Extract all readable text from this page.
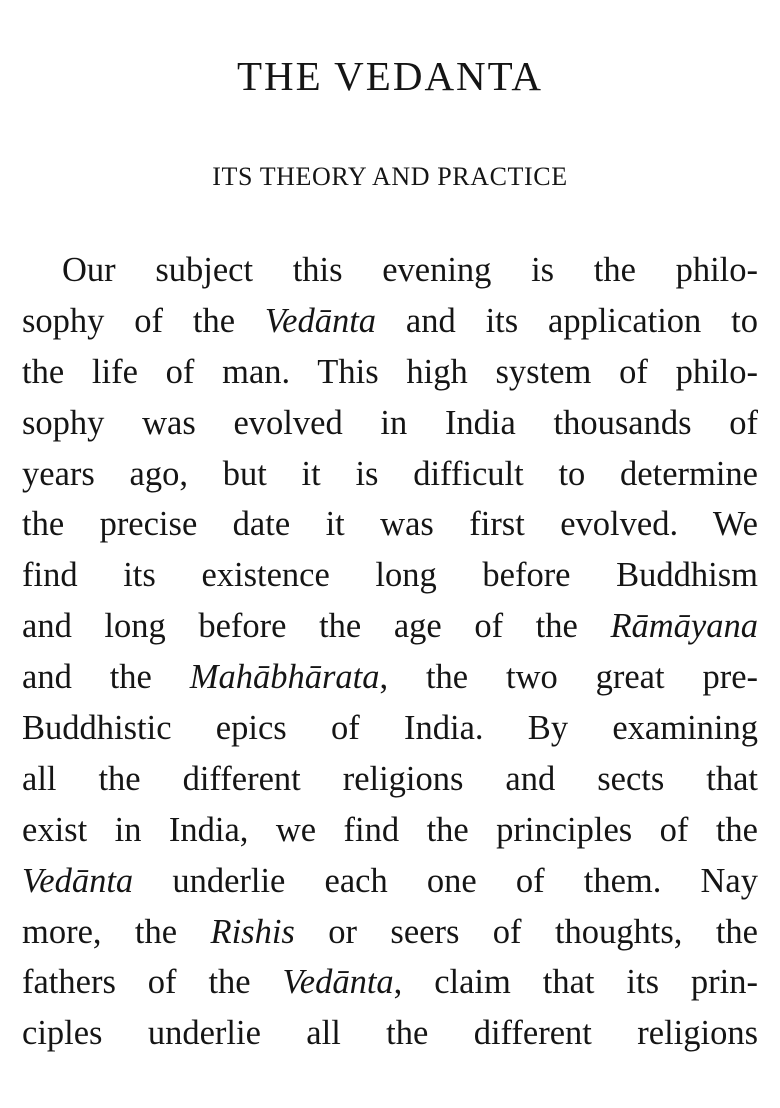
THE VEDANTA
ITS THEORY AND PRACTICE
Our subject this evening is the philo-
sophy of the Vedānta and its application to
the life of man. This high system of philo-
sophy was evolved in India thousands of
years ago, but it is difficult to determine
the precise date it was first evolved. We
find its existence long before Buddhism
and long before the age of the Rāmāyana
and the Mahābhārata, the two great pre-
Buddhistic epics of India. By examining
all the different religions and sects that
exist in India, we find the principles of the
Vedānta underlie each one of them. Nay
more, the Rishis or seers of thoughts, the
fathers of the Vedānta, claim that its prin-
ciples underlie all the different religions
